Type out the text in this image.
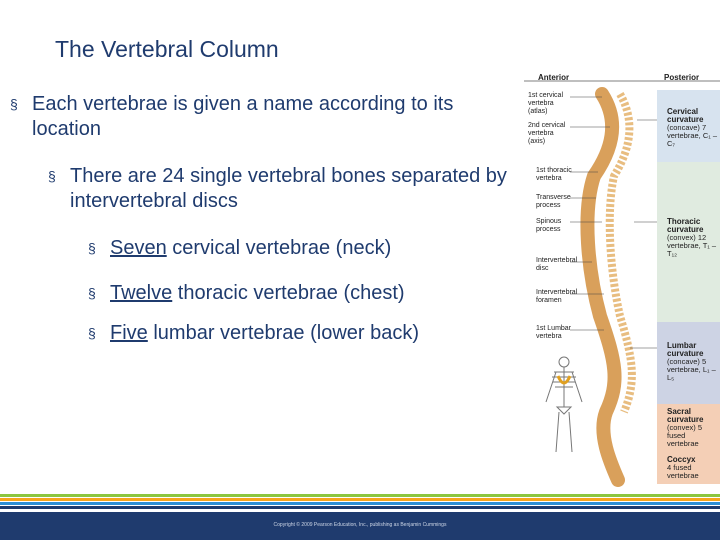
The Vertebral Column
§ Each vertebrae is given a name according to its location
§ There are 24 single vertebral bones separated by intervertebral discs
§ Seven cervical vertebrae (neck)
§ Twelve thoracic vertebrae (chest)
§ Five lumbar vertebrae (lower back)
Anterior	Posterior
1st cervical vertebra (atlas)
2nd cervical vertebra (axis)
1st thoracic vertebra
Transverse process
Spinous process
Intervertebral disc
Intervertebral foramen
1st Lumbar vertebra
Cervical curvature
(concave) 7 vertebrae, C₁ – C₇
Thoracic curvature
(convex) 12 vertebrae, T₁ – T₁₂
Lumbar curvature
(concave) 5 vertebrae, L₁ – L₅
Sacral curvature
(convex) 5 fused vertebrae
Coccyx
4 fused vertebrae
Copyright © 2009 Pearson Education, Inc., publishing as Benjamin Cummings
